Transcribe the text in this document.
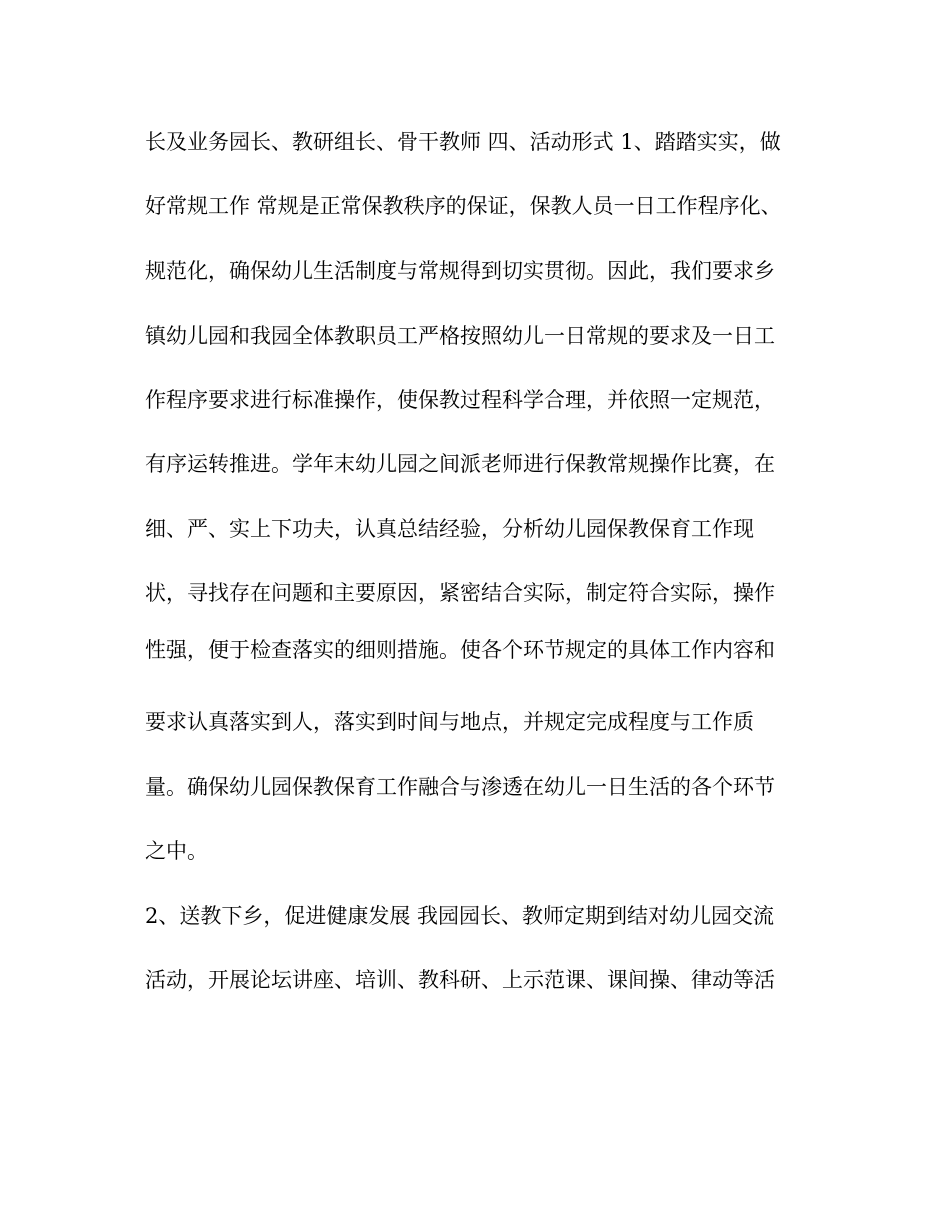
长及业务园长、教研组长、骨干教师 四、活动形式 1、踏踏实实，做
好常规工作 常规是正常保教秩序的保证，保教人员一日工作程序化、
规范化，确保幼儿生活制度与常规得到切实贯彻。因此，我们要求乡
镇幼儿园和我园全体教职员工严格按照幼儿一日常规的要求及一日工
作程序要求进行标准操作，使保教过程科学合理，并依照一定规范，
有序运转推进。学年末幼儿园之间派老师进行保教常规操作比赛，在
细、严、实上下功夫，认真总结经验，分析幼儿园保教保育工作现
状，寻找存在问题和主要原因，紧密结合实际，制定符合实际，操作
性强，便于检查落实的细则措施。使各个环节规定的具体工作内容和
要求认真落实到人，落实到时间与地点，并规定完成程度与工作质
量。确保幼儿园保教保育工作融合与渗透在幼儿一日生活的各个环节
之中。
2、送教下乡，促进健康发展 我园园长、教师定期到结对幼儿园交流
活动，开展论坛讲座、培训、教科研、上示范课、课间操、律动等活
